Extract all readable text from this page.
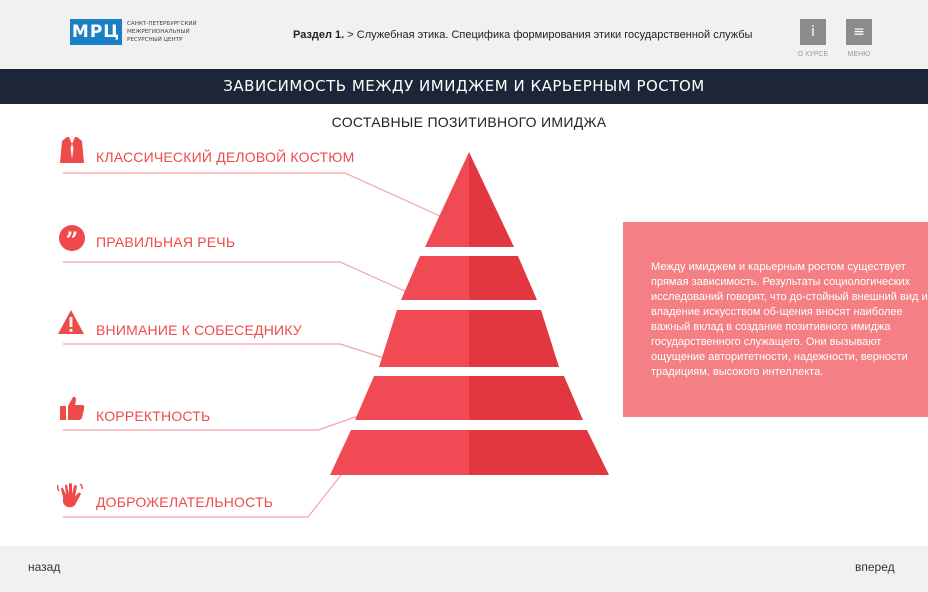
МРЦ	САНКТ-ПЕТЕРБУРГСКИЙ МЕЖРЕГИОНАЛЬНЫЙ РЕСУРСНЫЙ ЦЕНТР	Раздел 1. > Служебная этика. Специфика формирования этики государственной службы	i
О КУРСЕ
≡
МЕНЮ
ЗАВИСИМОСТЬ МЕЖДУ ИМИДЖЕМ И КАРЬЕРНЫМ РОСТОМ
СОСТАВНЫЕ ПОЗИТИВНОГО ИМИДЖА
КЛАССИЧЕСКИЙ ДЕЛОВОЙ КОСТЮМ
” ПРАВИЛЬНАЯ РЕЧЬ
ВНИМАНИЕ К СОБЕСЕДНИКУ
КОРРЕКТНОСТЬ
ДОБРОЖЕЛАТЕЛЬНОСТЬ

Между имиджем и карьерным ростом существует прямая зависимость. Результаты социологических исследований говорят, что до-стойный внешний вид и владение искусством об-щения вносят наиболее важный вклад в создание позитивного имиджа государственного служащего. Они вызывают ощущение авторитетности, надежности, верности традициям, высокого интеллекта.

назад	вперед
